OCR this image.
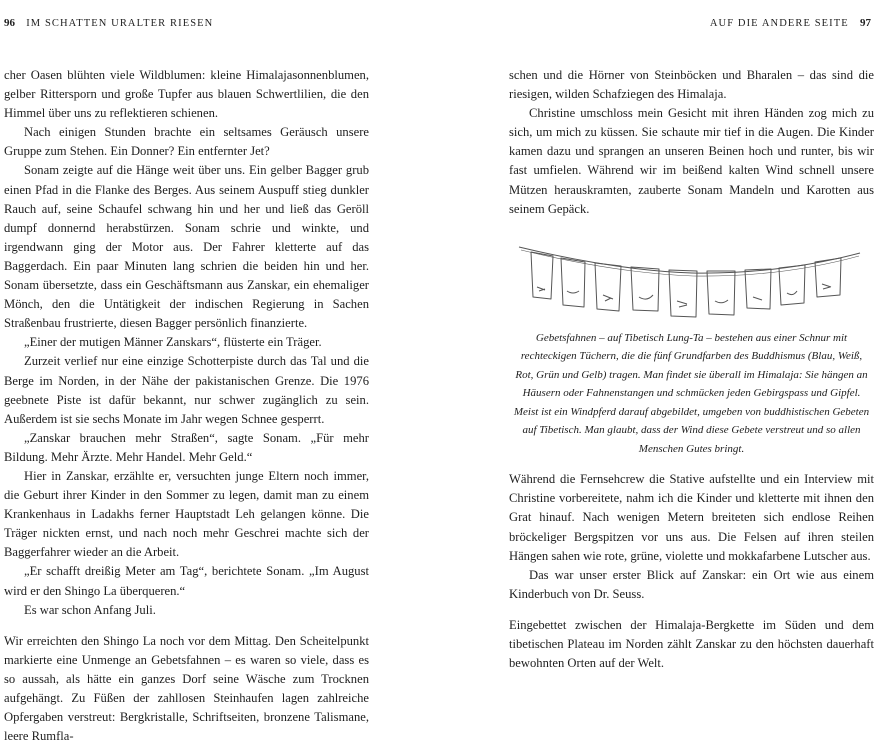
96 IM SCHATTEN URALTER RIESEN	AUF DIE ANDERE SEITE 97

cher Oasen blühten viele Wildblumen: kleine Himalajasonnenblumen, gelber Rittersporn und große Tupfer aus blauen Schwertlilien, die den Himmel über uns zu reflektieren schienen.

Nach einigen Stunden brachte ein seltsames Geräusch unsere Gruppe zum Stehen. Ein Donner? Ein entfernter Jet?

Sonam zeigte auf die Hänge weit über uns. Ein gelber Bagger grub einen Pfad in die Flanke des Berges. Aus seinem Auspuff stieg dunkler Rauch auf, seine Schaufel schwang hin und her und ließ das Geröll dumpf donnernd herabstürzen. Sonam schrie und winkte, und irgendwann ging der Motor aus. Der Fahrer kletterte auf das Baggerdach. Ein paar Minuten lang schrien die beiden hin und her. Sonam übersetzte, dass ein Geschäftsmann aus Zanskar, ein ehemaliger Mönch, den die Untätigkeit der indischen Regierung in Sachen Straßenbau frustrierte, diesen Bagger persönlich finanzierte.

„Einer der mutigen Männer Zanskars“, flüsterte ein Träger.

Zurzeit verlief nur eine einzige Schotterpiste durch das Tal und die Berge im Norden, in der Nähe der pakistanischen Grenze. Die 1976 geebnete Piste ist dafür bekannt, nur schwer zugänglich zu sein. Außerdem ist sie sechs Monate im Jahr wegen Schnee gesperrt.

„Zanskar brauchen mehr Straßen“, sagte Sonam. „Für mehr Bildung. Mehr Ärzte. Mehr Handel. Mehr Geld.“

Hier in Zanskar, erzählte er, versuchten junge Eltern noch immer, die Geburt ihrer Kinder in den Sommer zu legen, damit man zu einem Krankenhaus in Ladakhs ferner Hauptstadt Leh gelangen könne. Die Träger nickten ernst, und nach noch mehr Geschrei machte sich der Baggerfahrer wieder an die Arbeit.

„Er schafft dreißig Meter am Tag“, berichtete Sonam. „Im August wird er den Shingo La überqueren.“

Es war schon Anfang Juli.

Wir erreichten den Shingo La noch vor dem Mittag. Den Scheitelpunkt markierte eine Unmenge an Gebetsfahnen – es waren so viele, dass es so aussah, als hätte ein ganzes Dorf seine Wäsche zum Trocknen aufgehängt. Zu Füßen der zahllosen Steinhaufen lagen zahlreiche Opfergaben verstreut: Bergkristalle, Schriftseiten, bronzene Talismane, leere Rumfla-

schen und die Hörner von Steinböcken und Bharalen – das sind die riesigen, wilden Schafziegen des Himalaja.

Christine umschloss mein Gesicht mit ihren Händen zog mich zu sich, um mich zu küssen. Sie schaute mir tief in die Augen. Die Kinder kamen dazu und sprangen an unseren Beinen hoch und runter, bis wir fast umfielen. Während wir im beißend kalten Wind schnell unsere Mützen herauskramten, zauberte Sonam Mandeln und Karotten aus seinem Gepäck.

Gebetsfahnen – auf Tibetisch Lung-Ta – bestehen aus einer Schnur mit rechteckigen Tüchern, die die fünf Grundfarben des Buddhismus (Blau, Weiß, Rot, Grün und Gelb) tragen. Man findet sie überall im Himalaja: Sie hängen an Häusern oder Fahnenstangen und schmücken jeden Gebirgspass und Gipfel. Meist ist ein Windpferd darauf abgebildet, umgeben von buddhistischen Gebeten auf Tibetisch. Man glaubt, dass der Wind diese Gebete verstreut und so allen Menschen Gutes bringt.

Während die Fernsehcrew die Stative aufstellte und ein Interview mit Christine vorbereitete, nahm ich die Kinder und kletterte mit ihnen den Grat hinauf. Nach wenigen Metern breiteten sich endlose Reihen bröckeliger Bergspitzen vor uns aus. Die Felsen auf ihren steilen Hängen sahen wie rote, grüne, violette und mokkafarbene Lutscher aus.

Das war unser erster Blick auf Zanskar: ein Ort wie aus einem Kinderbuch von Dr. Seuss.

Eingebettet zwischen der Himalaja-Bergkette im Süden und dem tibetischen Plateau im Norden zählt Zanskar zu den höchsten dauerhaft bewohnten Orten auf der Welt.
